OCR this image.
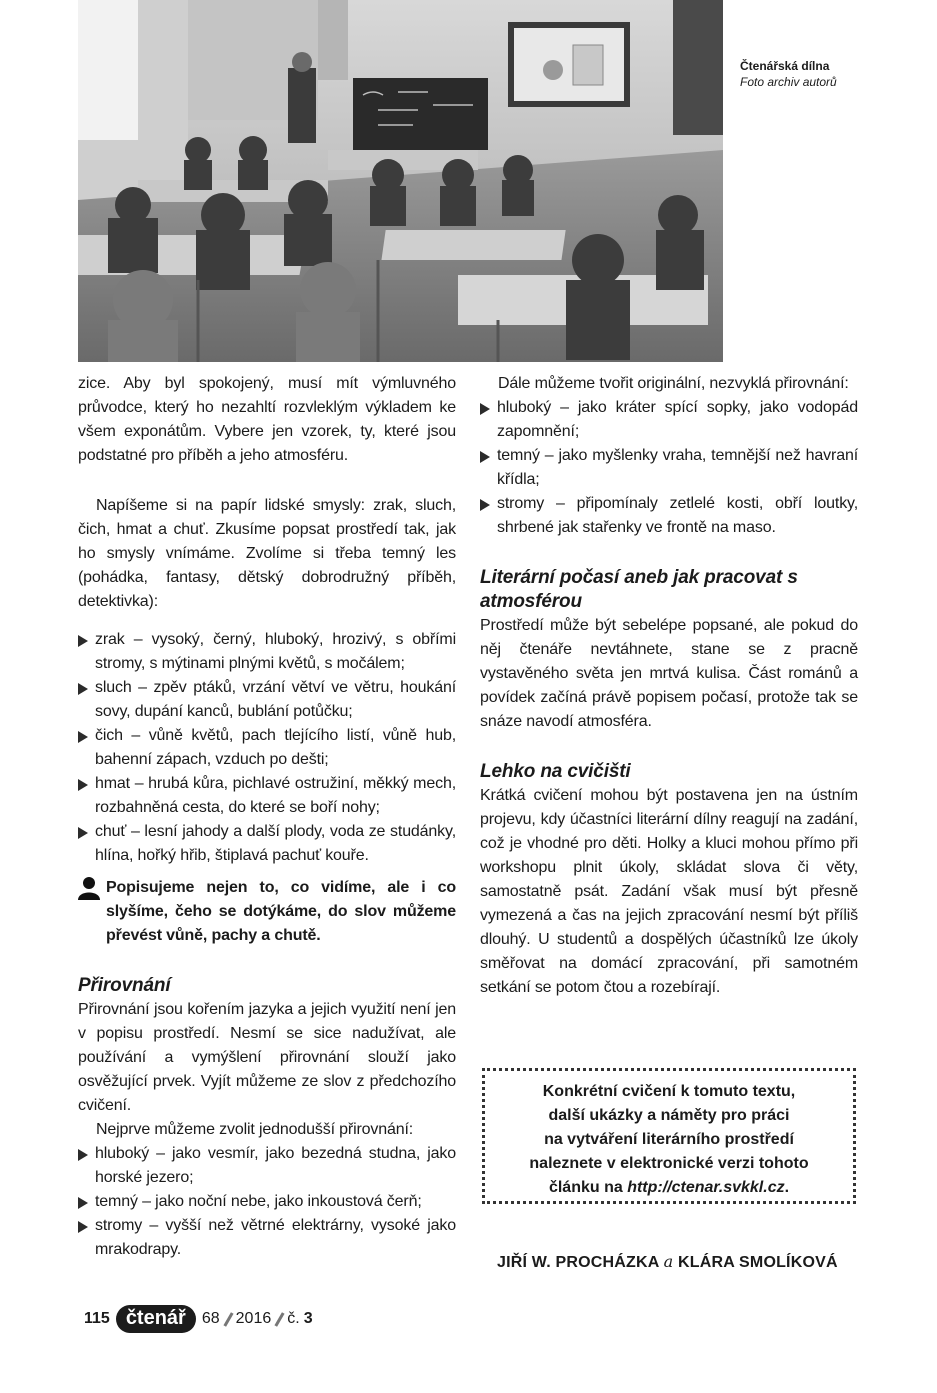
Čtenářská dílna
Foto archiv autorů

zice. Aby byl spokojený, musí mít výmluvného průvodce, který ho nezahltí rozvleklým výkladem ke všem exponátům. Vybere jen vzorek, ty, které jsou podstatné pro příběh a jeho atmosféru.

Napíšeme si na papír lidské smysly: zrak, sluch, čich, hmat a chuť. Zkusíme popsat prostředí tak, jak ho smysly vnímáme. Zvolíme si třeba temný les (pohádka, fantasy, dětský dobrodružný příběh, detektivka):

zrak – vysoký, černý, hluboký, hrozivý, s obřími stromy, s mýtinami plnými květů, s močálem;
sluch – zpěv ptáků, vrzání větví ve větru, houkání sovy, dupání kanců, bublání potůčku;
čich – vůně květů, pach tlejícího listí, vůně hub, bahenní zápach, vzduch po dešti;
hmat – hrubá kůra, pichlavé ostružiní, měkký mech, rozbahněná cesta, do které se boří nohy;
chuť – lesní jahody a další plody, voda ze studánky, hlína, hořký hřib, štiplavá pachuť kouře.
Popisujeme nejen to, co vidíme, ale i co slyšíme, čeho se dotýkáme, do slov můžeme převést vůně, pachy a chutě.
Přirovnání

Přirovnání jsou kořením jazyka a jejich využití není jen v popisu prostředí. Nesmí se sice nadužívat, ale používání a vymýšlení přirovnání slouží jako osvěžující prvek. Vyjít můžeme ze slov z předchozího cvičení.

Nejprve můžeme zvolit jednodušší přirovnání:

hluboký – jako vesmír, jako bezedná studna, jako horské jezero;
temný – jako noční nebe, jako inkoustová čerň;
stromy – vyšší než větrné elektrárny, vysoké jako mrakodrapy.

Dále můžeme tvořit originální, nezvyklá přirovnání:

hluboký – jako kráter spící sopky, jako vodopád zapomnění;
temný – jako myšlenky vraha, temnější než havraní křídla;
stromy – připomínaly zetlelé kosti, obří loutky, shrbené jak stařenky ve frontě na maso.
Literární počasí aneb jak pracovat s atmosférou

Prostředí může být sebelépe popsané, ale pokud do něj čtenáře nevtáhnete, stane se z pracně vystavěného světa jen mrtvá kulisa. Část románů a povídek začíná právě popisem počasí, protože tak se snáze navodí atmosféra.

Lehko na cvičišti

Krátká cvičení mohou být postavena jen na ústním projevu, kdy účastníci literární dílny reagují na zadání, což je vhodné pro děti. Holky a kluci mohou přímo při workshopu plnit úkoly, skládat slova či věty, samostatně psát. Zadání však musí být přesně vymezená a čas na jejich zpracování nesmí být příliš dlouhý. U studentů a dospělých účastníků lze úkoly směřovat na domácí zpracování, při samotném setkání se potom čtou a rozebírají.

Konkrétní cvičení k tomuto textu,
další ukázky a náměty pro práci
na vytváření literárního prostředí
naleznete v elektronické verzi tohoto
článku na http://ctenar.svkkl.cz.
JIŘÍ W. PROCHÁZKA a KLÁRA SMOLÍKOVÁ
115 čtenář	68 2016 č. 3
